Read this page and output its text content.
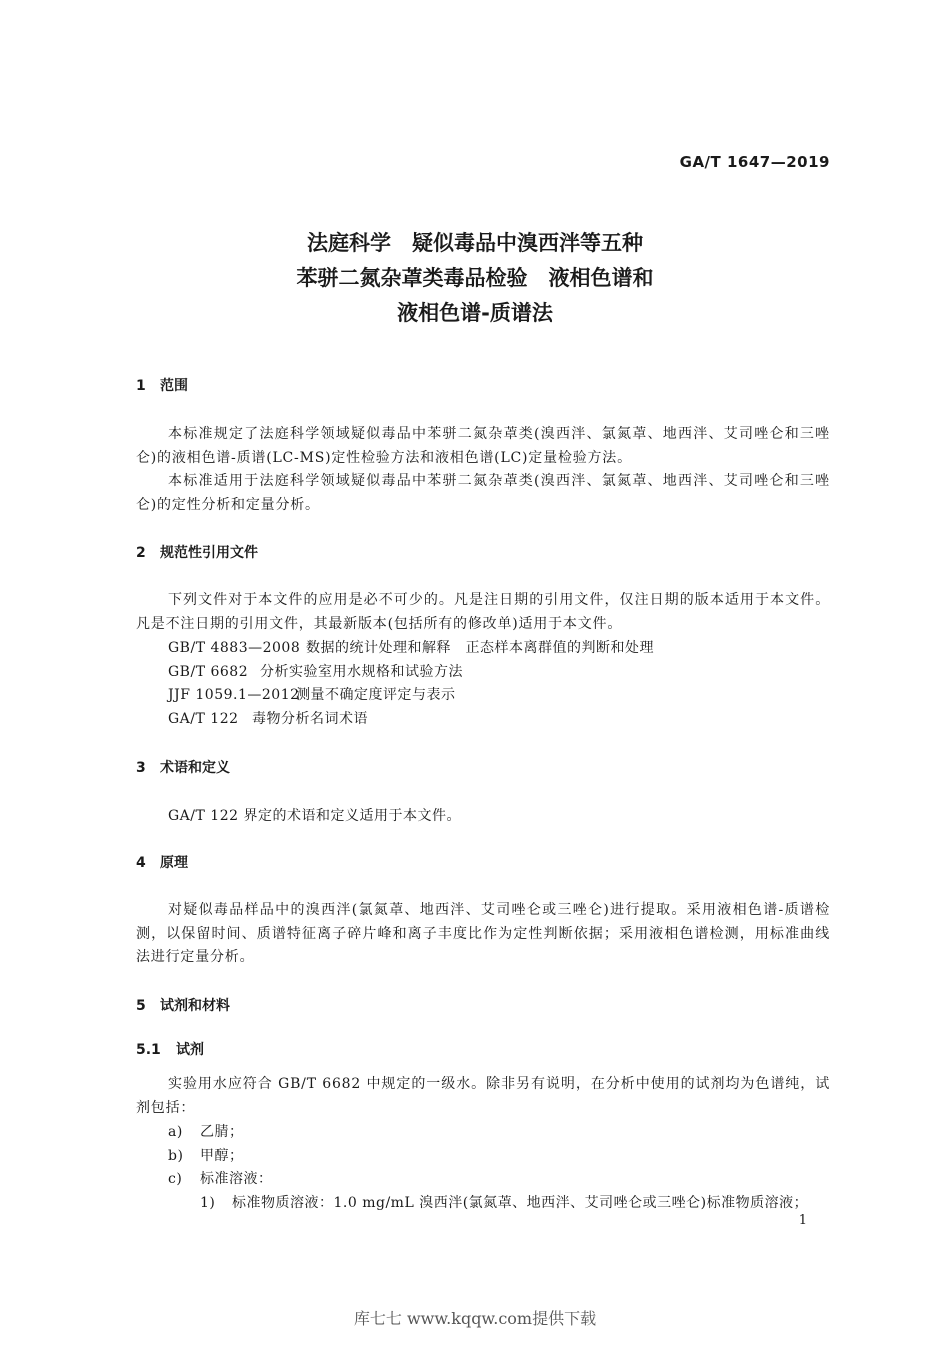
GA/T 1647—2019
法庭科学　疑似毒品中溴西泮等五种
苯骈二氮杂䓬类毒品检验　液相色谱和
液相色谱-质谱法
1 范围
本标准规定了法庭科学领域疑似毒品中苯骈二氮杂䓬类(溴西泮、氯氮䓬、地西泮、艾司唑仑和三唑仑)的液相色谱-质谱(LC-MS)定性检验方法和液相色谱(LC)定量检验方法。
本标准适用于法庭科学领域疑似毒品中苯骈二氮杂䓬类(溴西泮、氯氮䓬、地西泮、艾司唑仑和三唑仑)的定性分析和定量分析。
2 规范性引用文件
下列文件对于本文件的应用是必不可少的。凡是注日期的引用文件，仅注日期的版本适用于本文件。凡是不注日期的引用文件，其最新版本(包括所有的修改单)适用于本文件。
GB/T 4883—2008 数据的统计处理和解释　正态样本离群值的判断和处理
GB/T 6682 分析实验室用水规格和试验方法
JJF 1059.1—2012测量不确定度评定与表示
GA/T 122 毒物分析名词术语
3 术语和定义
GA/T 122 界定的术语和定义适用于本文件。
4 原理
对疑似毒品样品中的溴西泮(氯氮䓬、地西泮、艾司唑仑或三唑仑)进行提取。采用液相色谱-质谱检测，以保留时间、质谱特征离子碎片峰和离子丰度比作为定性判断依据；采用液相色谱检测，用标准曲线法进行定量分析。
5 试剂和材料
5.1 试剂
实验用水应符合 GB/T 6682 中规定的一级水。除非另有说明，在分析中使用的试剂均为色谱纯，试剂包括：
a) 乙腈；
b) 甲醇；
c) 标准溶液：
1) 标准物质溶液：1.0 mg/mL 溴西泮(氯氮䓬、地西泮、艾司唑仑或三唑仑)标准物质溶液；
1
库七七 www.kqqw.com提供下载
